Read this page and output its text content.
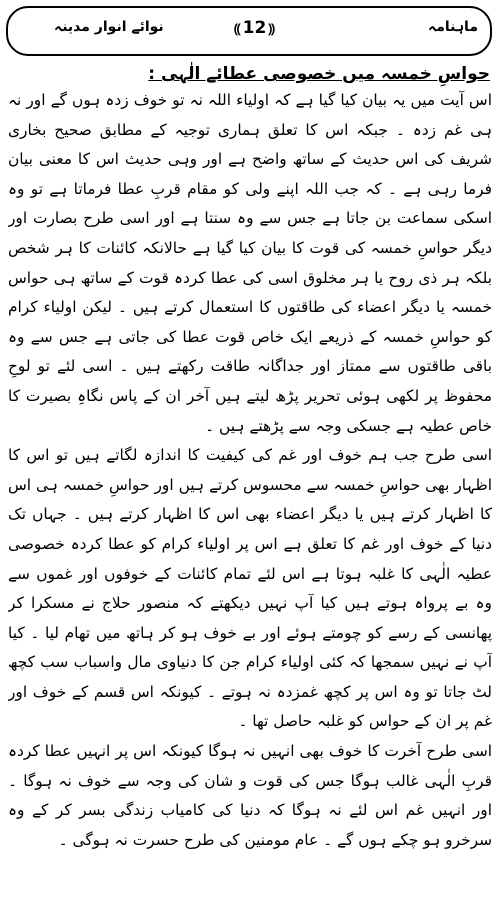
نوائے انوار مدینہ	⸨ 12 ⸩	ماہنامہ
حواسِ خمسہ میں خصوصی عطائے الٰہی :

اس آیت میں یہ بیان کیا گیا ہے کہ اولیاء اللہ نہ تو خوف زدہ ہوں گے اور نہ ہی غم زدہ ۔ جبکہ اس کا تعلق ہماری توجیہ کے مطابق صحیح بخاری شریف کی اس حدیث کے ساتھ واضح ہے اور وہی حدیث اس کا معنی بیان فرما رہی ہے ۔ کہ جب اللہ اپنے ولی کو مقام قربِ عطا فرماتا ہے تو وہ اسکی سماعت بن جاتا ہے جس سے وہ سنتا ہے اور اسی طرح بصارت اور دیگر حواسِ خمسہ کی قوت کا بیان کیا گیا ہے حالانکہ کائنات کا ہر شخص بلکہ ہر ذی روح یا ہر مخلوق اسی کی عطا کردہ قوت کے ساتھ ہی حواس خمسہ یا دیگر اعضاء کی طاقتوں کا استعمال کرتے ہیں ۔ لیکن اولیاء کرام کو حواسِ خمسہ کے ذریعے ایک خاص قوت عطا کی جاتی ہے جس سے وہ باقی طاقتوں سے ممتاز اور جداگانہ طاقت رکھتے ہیں ۔ اسی لئے تو لوحِ محفوظ پر لکھی ہوئی تحریر پڑھ لیتے ہیں آخر ان کے پاس نگاہِ بصیرت کا خاص عطیہ ہے جسکی وجہ سے پڑھتے ہیں ۔

اسی طرح جب ہم خوف اور غم کی کیفیت کا اندازہ لگاتے ہیں تو اس کا اظہار بھی حواسِ خمسہ سے محسوس کرتے ہیں اور حواسِ خمسہ ہی اس کا اظہار کرتے ہیں یا دیگر اعضاء بھی اس کا اظہار کرتے ہیں ۔ جہاں تک دنیا کے خوف اور غم کا تعلق ہے اس پر اولیاء کرام کو عطا کردہ خصوصی عطیہ الٰہی کا غلبہ ہوتا ہے اس لئے تمام کائنات کے خوفوں اور غموں سے وہ بے پرواہ ہوتے ہیں کیا آپ نہیں دیکھتے کہ منصور حلاج نے مسکرا کر پھانسی کے رسے کو چومتے ہوئے اور بے خوف ہو کر ہاتھ میں تھام لیا ۔ کیا آپ نے نہیں سمجھا کہ کئی اولیاء کرام جن کا دنیاوی مال واسباب سب کچھ لٹ جاتا تو وہ اس پر کچھ غمزدہ نہ ہوتے ۔ کیونکہ اس قسم کے خوف اور غم پر ان کے حواس کو غلبہ حاصل تھا ۔

اسی طرح آخرت کا خوف بھی انہیں نہ ہوگا کیونکہ اس پر انہیں عطا کردہ قربِ الٰہی غالب ہوگا جس کی قوت و شان کی وجہ سے خوف نہ ہوگا ۔ اور انہیں غم اس لئے نہ ہوگا کہ دنیا کی کامیاب زندگی بسر کر کے وہ سرخرو ہو چکے ہوں گے ۔ عام مومنین کی طرح حسرت نہ ہوگی ۔
